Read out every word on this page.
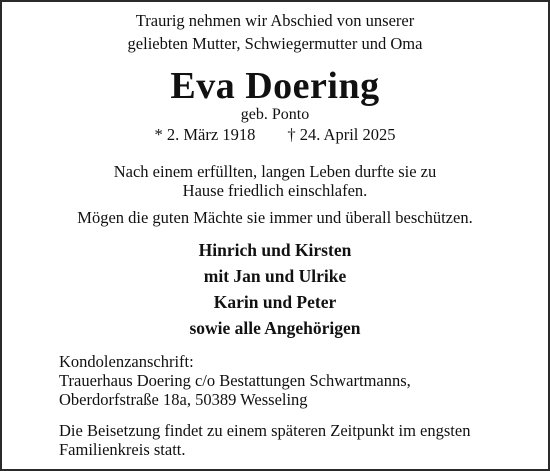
Traurig nehmen wir Abschied von unserer
geliebten Mutter, Schwiegermutter und Oma
Eva Doering
geb. Ponto
* 2. März 1918 † 24. April 2025
Nach einem erfüllten, langen Leben durfte sie zu
Hause friedlich einschlafen.
Mögen die guten Mächte sie immer und überall beschützen.
Hinrich und Kirsten
mit Jan und Ulrike
Karin und Peter
sowie alle Angehörigen
Kondolenzanschrift:
Trauerhaus Doering c/o Bestattungen Schwartmanns,
Oberdorfstraße 18a, 50389 Wesseling
Die Beisetzung findet zu einem späteren Zeitpunkt im engsten
Familienkreis statt.
